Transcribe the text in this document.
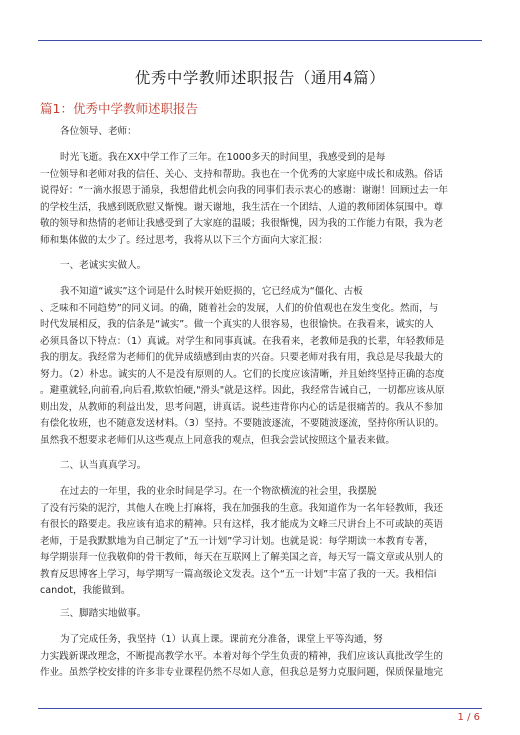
优秀中学教师述职报告（通用4篇）
篇1：优秀中学教师述职报告
各位领导、老师：
时光飞逝。我在XX中学工作了三年。在1000多天的时间里，我感受到的是每
一位领导和老师对我的信任、关心、支持和帮助。我也在一个优秀的大家庭中成长和成熟。俗话
说得好：“一滴水报恩于涌泉，我想借此机会向我的同事们表示衷心的感谢：谢谢！回顾过去一年
的学校生活，我感到既欣慰又惭愧。谢天谢地，我生活在一个团结、人道的教师团体氛围中。尊
敬的领导和热情的老师让我感受到了大家庭的温暖；我很惭愧，因为我的工作能力有限，我为老
师和集体做的太少了。经过思考，我将从以下三个方面向大家汇报：
一、老诚实实做人。
我不知道“诚实”这个词是什么时候开始贬损的，它已经成为“僵化、古板
、乏味和不同趋势”的同义词。的确，随着社会的发展，人们的价值观也在发生变化。然而，与
时代发展相反，我的信条是“诚实”。做一个真实的人很容易，也很愉快。在我看来，诚实的人
必须具备以下特点：（1）真诚。对学生和同事真诚。在我看来，老教师是我的长辈，年轻教师是
我的朋友。我经常为老师们的优异成绩感到由衷的兴奋。只要老师对我有用，我总是尽我最大的
努力。（2）朴忠。诚实的人不是没有原则的人。它们的长度应该清晰，并且始终坚持正确的态度
。避重就轻,向前看,向后看,欺软怕硬,"滑头"就是这样。因此，我经常告诫自己，一切都应该从原
则出发，从教师的利益出发，思考问题，讲真话。说些违背你内心的话是很痛苦的。我从不参加
有偿化妆班，也不随意发送材料。（3）坚持。不要随波逐流，不要随波逐流，坚持你所认识的。
虽然我不想要求老师们从这些观点上同意我的观点，但我会尝试按照这个量表来做。
二、认当真真学习。
在过去的一年里，我的业余时间是学习。在一个物欲横流的社会里，我摆脱
了没有污染的泥泞，其他人在晚上打麻将，我在加强我的生意。我知道作为一名年轻教师，我还
有很长的路要走。我应该有追求的精神。只有这样，我才能成为文峰三尺讲台上不可或缺的英语
老师，于是我默默地为自己制定了“五一计划”学习计划。也就是说：每学期读一本教育专著，
每学期崇拜一位我敬仰的骨干教师，每天在互联网上了解美国之音，每天写一篇文章或从别人的
教育反思博客上学习，每学期写一篇高级论文发表。这个“五一计划”丰富了我的一天。我相信i
candot，我能做到。
三、脚踏实地做事。
为了完成任务，我坚持（1）认真上课。课前充分准备，课堂上平等沟通，努
力实践新课改理念，不断提高教学水平。本着对每个学生负责的精神，我们应该认真批改学生的
作业。虽然学校安排的许多非专业课程仍然不尽如人意，但我总是努力克服问题，保质保量地完
1 / 6
